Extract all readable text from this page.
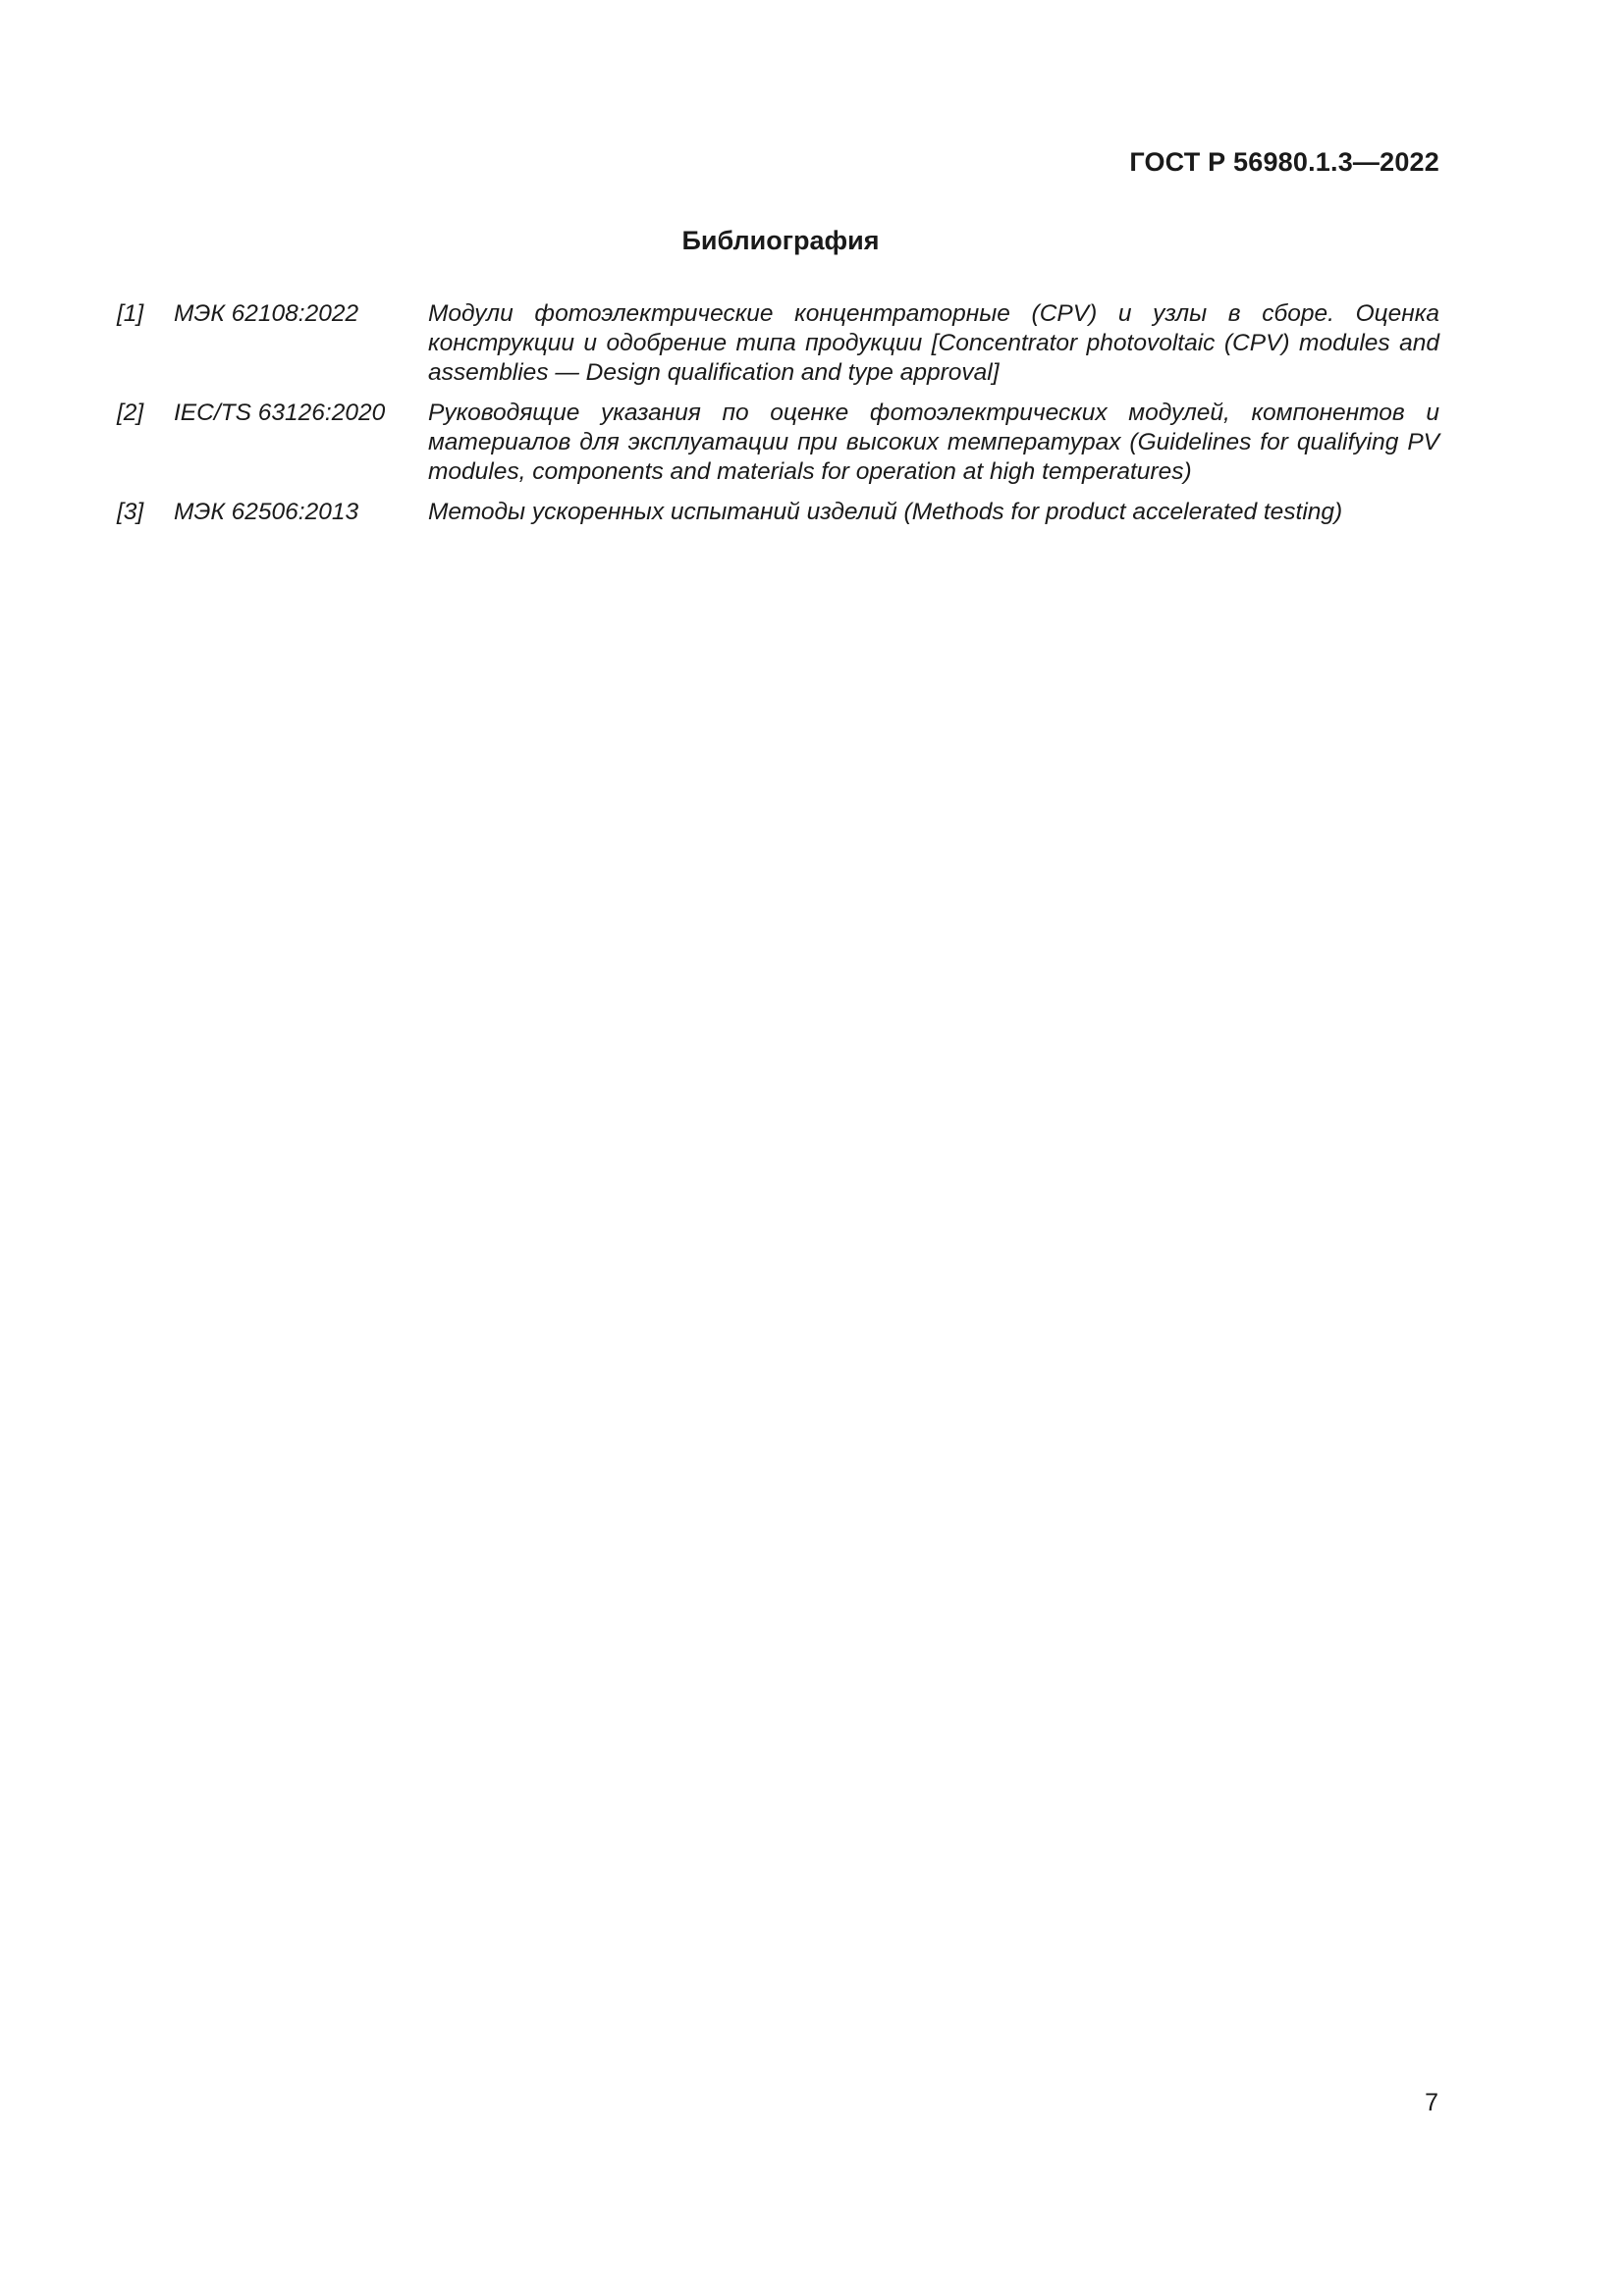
ГОСТ Р 56980.1.3—2022

Библиография
[1]	МЭК 62108:2022	Модули фотоэлектрические концентраторные (CPV) и узлы в сборе. Оценка конструкции и одобрение типа продукции [Concentrator photovoltaic (CPV) modules and assemblies — Design qualification and type approval]
[2]	IEC/TS 63126:2020	Руководящие указания по оценке фотоэлектрических модулей, компонентов и материалов для эксплуатации при высоких температурах (Guidelines for qualifying PV modules, components and materials for operation at high temperatures)
[3]	МЭК 62506:2013	Методы ускоренных испытаний изделий (Methods for product accelerated testing)

7
